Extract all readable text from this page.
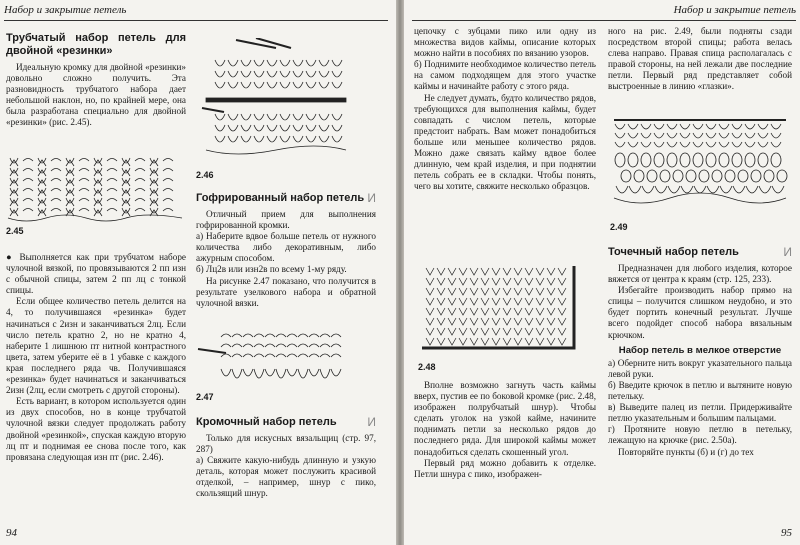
Набор и закрытие петель
Трубчатый набор петель для двойной «резинки»

Идеальную кромку для двойной «резинки» довольно сложно получить. Эта разновидность трубчатого набора дает небольшой наклон, но, по крайней мере, она была разработана специально для двойной «резинки» (рис. 2.45).

2.45

● Выполняется как при трубчатом наборе чулочной вязкой, по провязываются 2 пп изн с обычной спицы, затем 2 пп лц с тонкой спицы.

Если общее количество петель делится на 4, то получившаяся «резинка» будет начинаться с 2изн и заканчиваться 2лц. Если число петель кратно 2, но не кратно 4, наберите 1 лишнюю пт нитной контрастного цвета, затем уберите её в 1 убавке с каждого края последнего ряда чв. Получившаяся «резинка» будет начинаться и заканчиваться 2изн (2лц, если смотреть с другой стороны).

Есть вариант, в котором используется один из двух способов, но в конце трубчатой чулочной вязки следует продолжать работу двойной «резинкой», спуская каждую вторую лц пт и поднимая ее снова после того, как провязана следующая изн пт (рис. 2.46).

2.46
Гофрированный набор петель И

Отличный прием для выполнения гофрированной кромки.

а) Наберите вдвое больше петель от нужного количества либо декоративным, либо ажурным способом.

б) Лц2в или изн2в по всему 1-му ряду.

На рисунке 2.47 показано, что получится в результате узелкового набора и обратной чулочной вязки.

2.47
Кромочный набор петель	И

Только для искусных вязальщиц (стр. 97, 287)

а) Свяжите какую-нибудь длинную и узкую деталь, которая может послужить красивой отделкой, – например, шнур с пико, скользящий шнур.

94
Набор и закрытие петель

цепочку с зубцами пико или одну из множества видов каймы, описание которых можно найти в пособиях по вязанию узоров.

б) Поднимите необходимое количество петель на самом подходящем для этого участке каймы и начинайте работу с этого ряда.

Не следует думать, будто количество рядов, требующихся для выполнения каймы, будет совпадать с числом петель, которые предстоит набрать. Вам может понадобиться больше или меньшее количество рядов. Можно даже связать кайму вдвое более длинную, чем край изделия, и при поднятии петель собрать ее в складки. Чтобы понять, чего вы хотите, свяжите несколько образцов.

2.48

Вполне возможно загнуть часть каймы вверх, пустив ее по боковой кромке (рис. 2.48, изображен полрубчатый шнур). Чтобы сделать уголок на узкой кайме, начините поднимать петли за несколько рядов до последнего ряда. Для широкой каймы может понадобиться сделать скошенный угол.

Первый ряд можно добавить к отделке. Петли шнура с пико, изображен-

ного на рис. 2.49, были подняты сзади посредством второй спицы; работа велась слева направо. Правая спица располагалась с правой стороны, на ней лежали две последние петли. Первый ряд представляет собой выстроенные в линию «глазки».

2.49
Точечный набор петель	И

Предназначен для любого изделия, которое вяжется от центра к краям (стр. 125, 233).

Избегайте производить набор прямо на спицы – получится слишком неудобно, и это будет портить конечный результат. Лучше всего подойдет способ набора вязальным крючком.

Набор петель в мелкое отверстие

а) Оберните нить вокруг указательного пальца левой руки.

б) Введите крючок в петлю и вытяните новую петельку.

в) Выведите палец из петли. Придерживайте петлю указательным и большим пальцами.

г) Протяните новую петлю в петельку, лежащую на крючке (рис. 2.50а).

Повторяйте пункты (б) и (г) до тех

95
